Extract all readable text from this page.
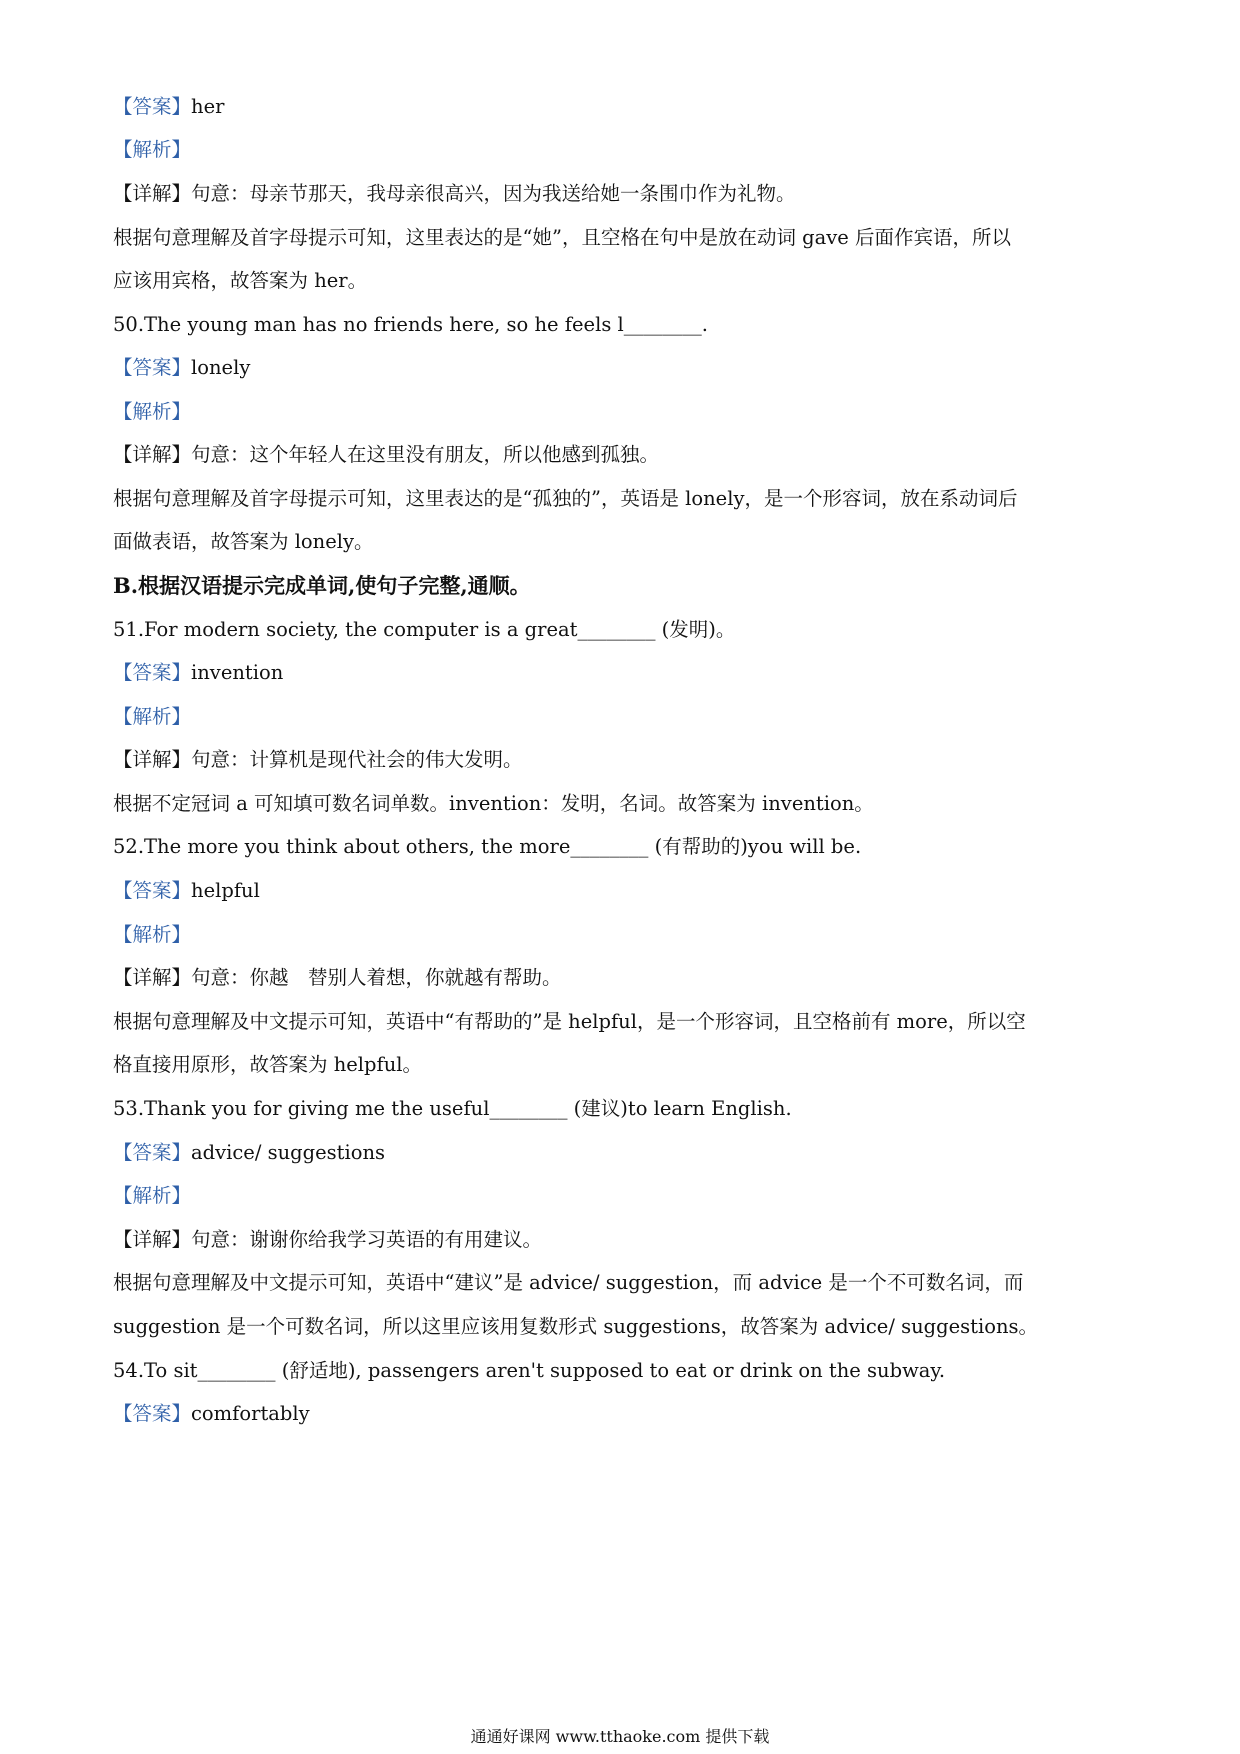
【答案】her
【解析】
【详解】句意：母亲节那天，我母亲很高兴，因为我送给她一条围巾作为礼物。
根据句意理解及首字母提示可知，这里表达的是“她”，且空格在句中是放在动词 gave 后面作宾语，所以
应该用宾格，故答案为 her。
50.The young man has no friends here, so he feels l________.
【答案】lonely
【解析】
【详解】句意：这个年轻人在这里没有朋友，所以他感到孤独。
根据句意理解及首字母提示可知，这里表达的是“孤独的”，英语是 lonely，是一个形容词，放在系动词后
面做表语，故答案为 lonely。
B.根据汉语提示完成单词,使句子完整,通顺。
51.For modern society, the computer is a great________ (发明)。
【答案】invention
【解析】
【详解】句意：计算机是现代社会的伟大发明。
根据不定冠词 a 可知填可数名词单数。invention：发明，名词。故答案为 invention。
52.The more you think about others, the more________ (有帮助的)you will be.
【答案】helpful
【解析】
【详解】句意：你越　替别人着想，你就越有帮助。
根据句意理解及中文提示可知，英语中“有帮助的”是 helpful，是一个形容词，且空格前有 more，所以空
格直接用原形，故答案为 helpful。
53.Thank you for giving me the useful________ (建议)to learn English.
【答案】advice/ suggestions
【解析】
【详解】句意：谢谢你给我学习英语的有用建议。
根据句意理解及中文提示可知，英语中“建议”是 advice/ suggestion，而 advice 是一个不可数名词，而
suggestion 是一个可数名词，所以这里应该用复数形式 suggestions，故答案为 advice/ suggestions。
54.To sit________ (舒适地), passengers aren't supposed to eat or drink on the subway.
【答案】comfortably
通通好课网 www.tthaoke.com 提供下载
